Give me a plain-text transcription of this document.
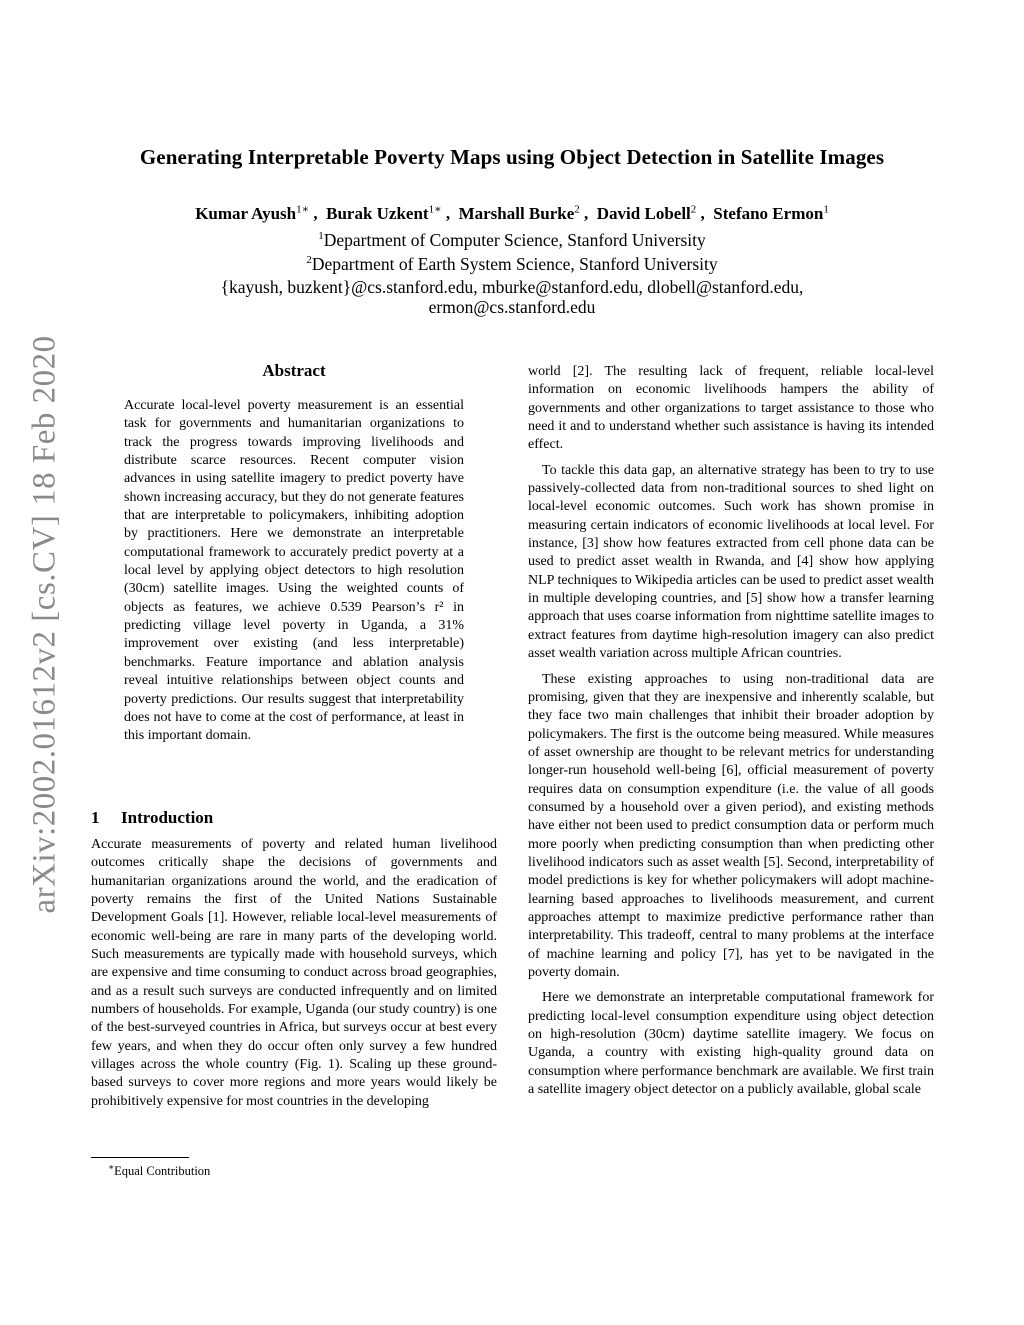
arXiv:2002.01612v2 [cs.CV] 18 Feb 2020
Generating Interpretable Poverty Maps using Object Detection in Satellite Images
Kumar Ayush$^{1∗}$ ,  Burak Uzkent$^{1∗}$ ,  Marshall Burke$^2$ ,  David Lobell$^2$ ,  Stefano Ermon$^1$
$^1$Department of Computer Science, Stanford University
$^2$Department of Earth System Science, Stanford University
{kayush, buzkent}@cs.stanford.edu, mburke@stanford.edu, dlobell@stanford.edu,
ermon@cs.stanford.edu
Abstract
Accurate local-level poverty measurement is an essential task for governments and humanitarian organizations to track the progress towards improving livelihoods and distribute scarce resources. Recent computer vision advances in using satellite imagery to predict poverty have shown increasing accuracy, but they do not generate features that are interpretable to policymakers, inhibiting adoption by practitioners. Here we demonstrate an interpretable computational framework to accurately predict poverty at a local level by applying object detectors to high resolution (30cm) satellite images. Using the weighted counts of objects as features, we achieve 0.539 Pearson’s r² in predicting village level poverty in Uganda, a 31% improvement over existing (and less interpretable) benchmarks. Feature importance and ablation analysis reveal intuitive relationships between object counts and poverty predictions. Our results suggest that interpretability does not have to come at the cost of performance, at least in this important domain.
1 Introduction
Accurate measurements of poverty and related human livelihood outcomes critically shape the decisions of governments and humanitarian organizations around the world, and the eradication of poverty remains the first of the United Nations Sustainable Development Goals [1]. However, reliable local-level measurements of economic well-being are rare in many parts of the developing world. Such measurements are typically made with household surveys, which are expensive and time consuming to conduct across broad geographies, and as a result such surveys are conducted infrequently and on limited numbers of households. For example, Uganda (our study country) is one of the best-surveyed countries in Africa, but surveys occur at best every few years, and when they do occur often only survey a few hundred villages across the whole country (Fig. 1). Scaling up these ground-based surveys to cover more regions and more years would likely be prohibitively expensive for most countries in the developing
∗Equal Contribution

world [2]. The resulting lack of frequent, reliable local-level information on economic livelihoods hampers the ability of governments and other organizations to target assistance to those who need it and to understand whether such assistance is having its intended effect.

To tackle this data gap, an alternative strategy has been to try to use passively-collected data from non-traditional sources to shed light on local-level economic outcomes. Such work has shown promise in measuring certain indicators of economic livelihoods at local level. For instance, [3] show how features extracted from cell phone data can be used to predict asset wealth in Rwanda, and [4] show how applying NLP techniques to Wikipedia articles can be used to predict asset wealth in multiple developing countries, and [5] show how a transfer learning approach that uses coarse information from nighttime satellite images to extract features from daytime high-resolution imagery can also predict asset wealth variation across multiple African countries.

These existing approaches to using non-traditional data are promising, given that they are inexpensive and inherently scalable, but they face two main challenges that inhibit their broader adoption by policymakers. The first is the outcome being measured. While measures of asset ownership are thought to be relevant metrics for understanding longer-run household well-being [6], official measurement of poverty requires data on consumption expenditure (i.e. the value of all goods consumed by a household over a given period), and existing methods have either not been used to predict consumption data or perform much more poorly when predicting consumption than when predicting other livelihood indicators such as asset wealth [5]. Second, interpretability of model predictions is key for whether policymakers will adopt machine-learning based approaches to livelihoods measurement, and current approaches attempt to maximize predictive performance rather than interpretability. This tradeoff, central to many problems at the interface of machine learning and policy [7], has yet to be navigated in the poverty domain.

Here we demonstrate an interpretable computational framework for predicting local-level consumption expenditure using object detection on high-resolution (30cm) daytime satellite imagery. We focus on Uganda, a country with existing high-quality ground data on consumption where performance benchmark are available. We first train a satellite imagery object detector on a publicly available, global scale
